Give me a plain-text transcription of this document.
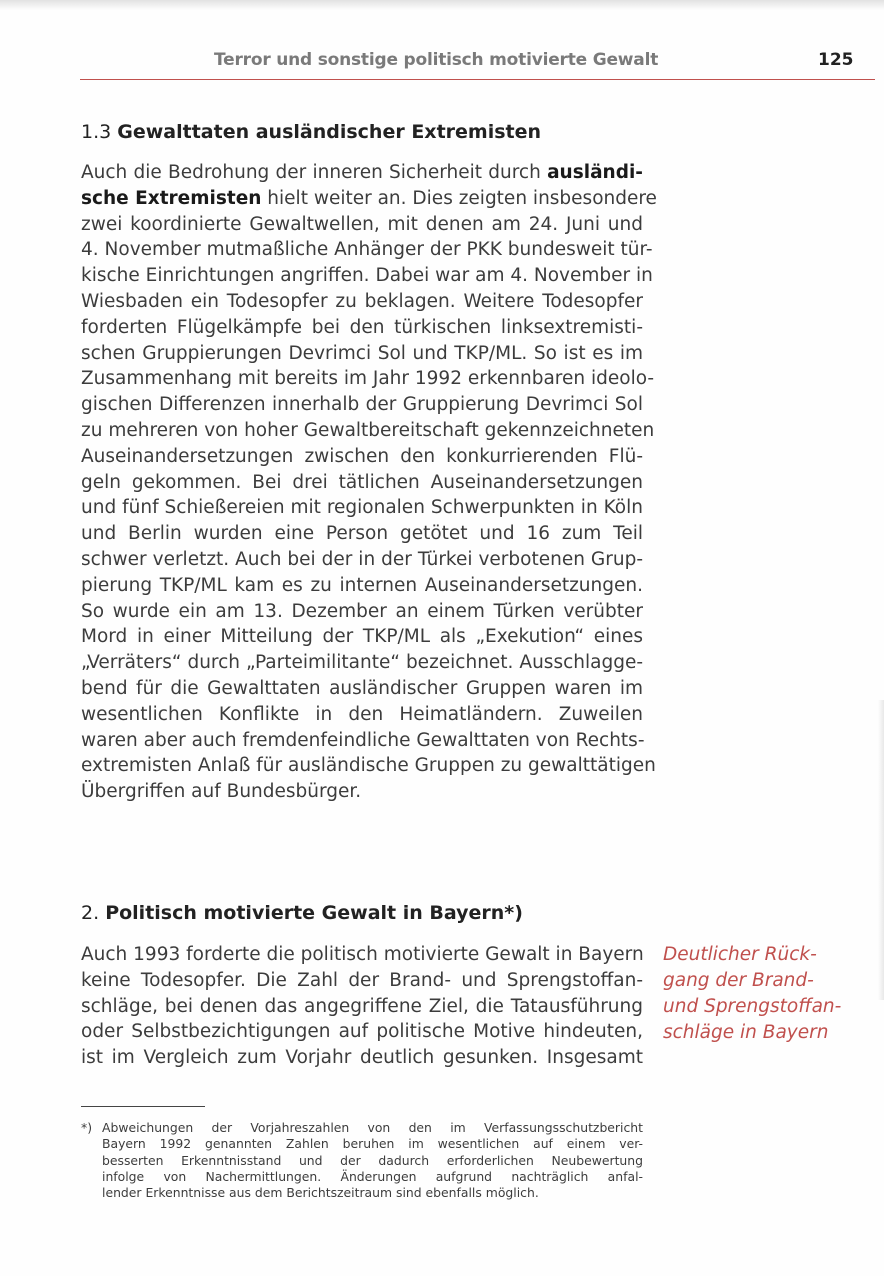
Terror und sonstige politisch motivierte Gewalt	125
1.3 Gewalttaten ausländischer Extremisten
Auch die Bedrohung der inneren Sicherheit durch ausländi-
sche Extremisten hielt weiter an. Dies zeigten insbesondere
zwei koordinierte Gewaltwellen, mit denen am 24. Juni und
4. November mutmaßliche Anhänger der PKK bundesweit tür-
kische Einrichtungen angriffen. Dabei war am 4. November in
Wiesbaden ein Todesopfer zu beklagen. Weitere Todesopfer
forderten Flügelkämpfe bei den türkischen linksextremisti-
schen Gruppierungen Devrimci Sol und TKP/ML. So ist es im
Zusammenhang mit bereits im Jahr 1992 erkennbaren ideolo-
gischen Differenzen innerhalb der Gruppierung Devrimci Sol
zu mehreren von hoher Gewaltbereitschaft gekennzeichneten
Auseinandersetzungen zwischen den konkurrierenden Flü-
geln gekommen. Bei drei tätlichen Auseinandersetzungen
und fünf Schießereien mit regionalen Schwerpunkten in Köln
und Berlin wurden eine Person getötet und 16 zum Teil
schwer verletzt. Auch bei der in der Türkei verbotenen Grup-
pierung TKP/ML kam es zu internen Auseinandersetzungen.
So wurde ein am 13. Dezember an einem Türken verübter
Mord in einer Mitteilung der TKP/ML als „Exekution“ eines
„Verräters“ durch „Parteimilitante“ bezeichnet. Ausschlagge-
bend für die Gewalttaten ausländischer Gruppen waren im
wesentlichen Konflikte in den Heimatländern. Zuweilen
waren aber auch fremdenfeindliche Gewalttaten von Rechts-
extremisten Anlaß für ausländische Gruppen zu gewalttätigen
Übergriffen auf Bundesbürger.
2. Politisch motivierte Gewalt in Bayern*)
Auch 1993 forderte die politisch motivierte Gewalt in Bayern
keine Todesopfer. Die Zahl der Brand- und Sprengstoffan-
schläge, bei denen das angegriffene Ziel, die Tatausführung
oder Selbstbezichtigungen auf politische Motive hindeuten,
ist im Vergleich zum Vorjahr deutlich gesunken. Insgesamt
Deutlicher Rück-
gang der Brand-
und Sprengstoffan-
schläge in Bayern
*) Abweichungen der Vorjahreszahlen von den im Verfassungsschutzbericht
Bayern 1992 genannten Zahlen beruhen im wesentlichen auf einem ver-
besserten Erkenntnisstand und der dadurch erforderlichen Neubewertung
infolge von Nachermittlungen. Änderungen aufgrund nachträglich anfal-
lender Erkenntnisse aus dem Berichtszeitraum sind ebenfalls möglich.
